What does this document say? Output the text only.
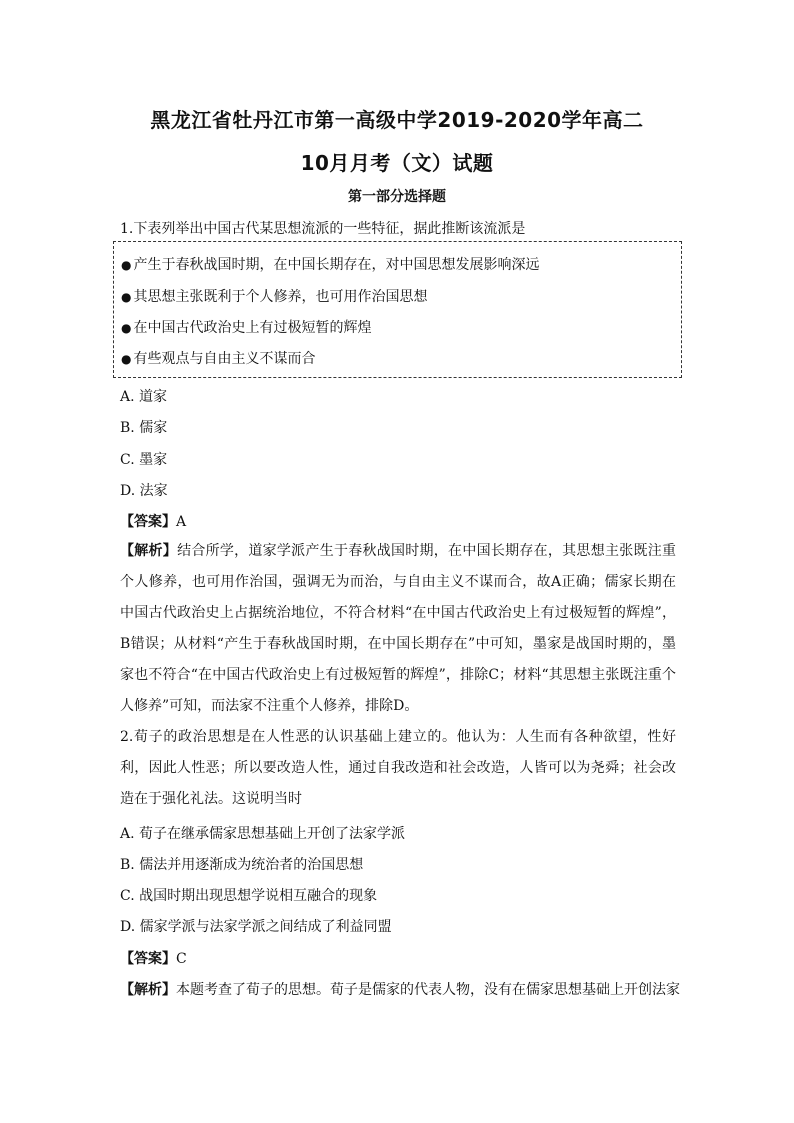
黑龙江省牡丹江市第一高级中学2019-2020学年高二
10月月考（文）试题
第一部分选择题
1.下表列举出中国古代某思想流派的一些特征，据此推断该流派是
● 产生于春秋战国时期，在中国长期存在，对中国思想发展影响深远
● 其思想主张既利于个人修养，也可用作治国思想
● 在中国古代政治史上有过极短暂的辉煌
● 有些观点与自由主义不谋而合
A. 道家
B. 儒家
C. 墨家
D. 法家
【答案】A
【解析】结合所学，道家学派产生于春秋战国时期，在中国长期存在，其思想主张既注重个人修养，也可用作治国，强调无为而治，与自由主义不谋而合，故A正确；儒家长期在中国古代政治史上占据统治地位，不符合材料“在中国古代政治史上有过极短暂的辉煌”，B错误；从材料“产生于春秋战国时期，在中国长期存在”中可知，墨家是战国时期的，墨家也不符合“在中国古代政治史上有过极短暂的辉煌”，排除C；材料“其思想主张既注重个人修养”可知，而法家不注重个人修养，排除D。
2.荀子的政治思想是在人性恶的认识基础上建立的。他认为：人生而有各种欲望，性好利，因此人性恶；所以要改造人性，通过自我改造和社会改造，人皆可以为尧舜；社会改造在于强化礼法。这说明当时
A. 荀子在继承儒家思想基础上开创了法家学派
B. 儒法并用逐渐成为统治者的治国思想
C. 战国时期出现思想学说相互融合的现象
D. 儒家学派与法家学派之间结成了利益同盟
【答案】C
【解析】本题考查了荀子的思想。荀子是儒家的代表人物，没有在儒家思想基础上开创法家
